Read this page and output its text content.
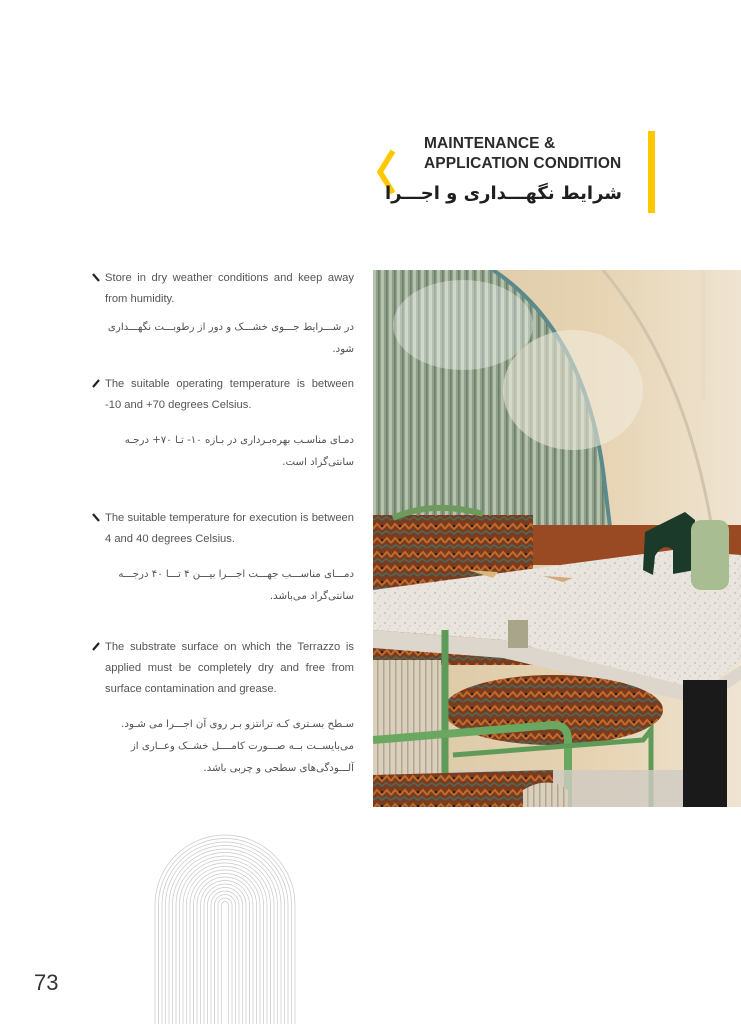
MAINTENANCE &
APPLICATION CONDITION
شرایط نگهـــداری و اجـــرا
Store in dry weather conditions and keep away from humidity.
در شـــرایط جـــوی خشـــک و دور از رطوبـــت نگهـــداری شود.
The suitable operating temperature is between -10 and +70 degrees Celsius.
دمـای مناسـب بهره‌بـرداری در بـازه ۱۰- تـا ۷۰+ درجـه سانتی‌گراد است.
The suitable temperature for execution is between 4 and 40 degrees Celsius.
دمـــای مناســـب جهـــت اجـــرا بیـــن ۴ تـــا ۴۰ درجـــه سانتی‌گراد می‌باشد.
The substrate surface on which the Terrazzo is applied must be completely dry and free from surface contamination and grease.
سـطح بسـتری کـه ترانتزو بـر روی آن اجـــرا می شـود. می‌بایســت بــه صـــورت کامــــل خشــک وعــاری از آلـــودگی‌های سطحی و چربی باشد.
73
